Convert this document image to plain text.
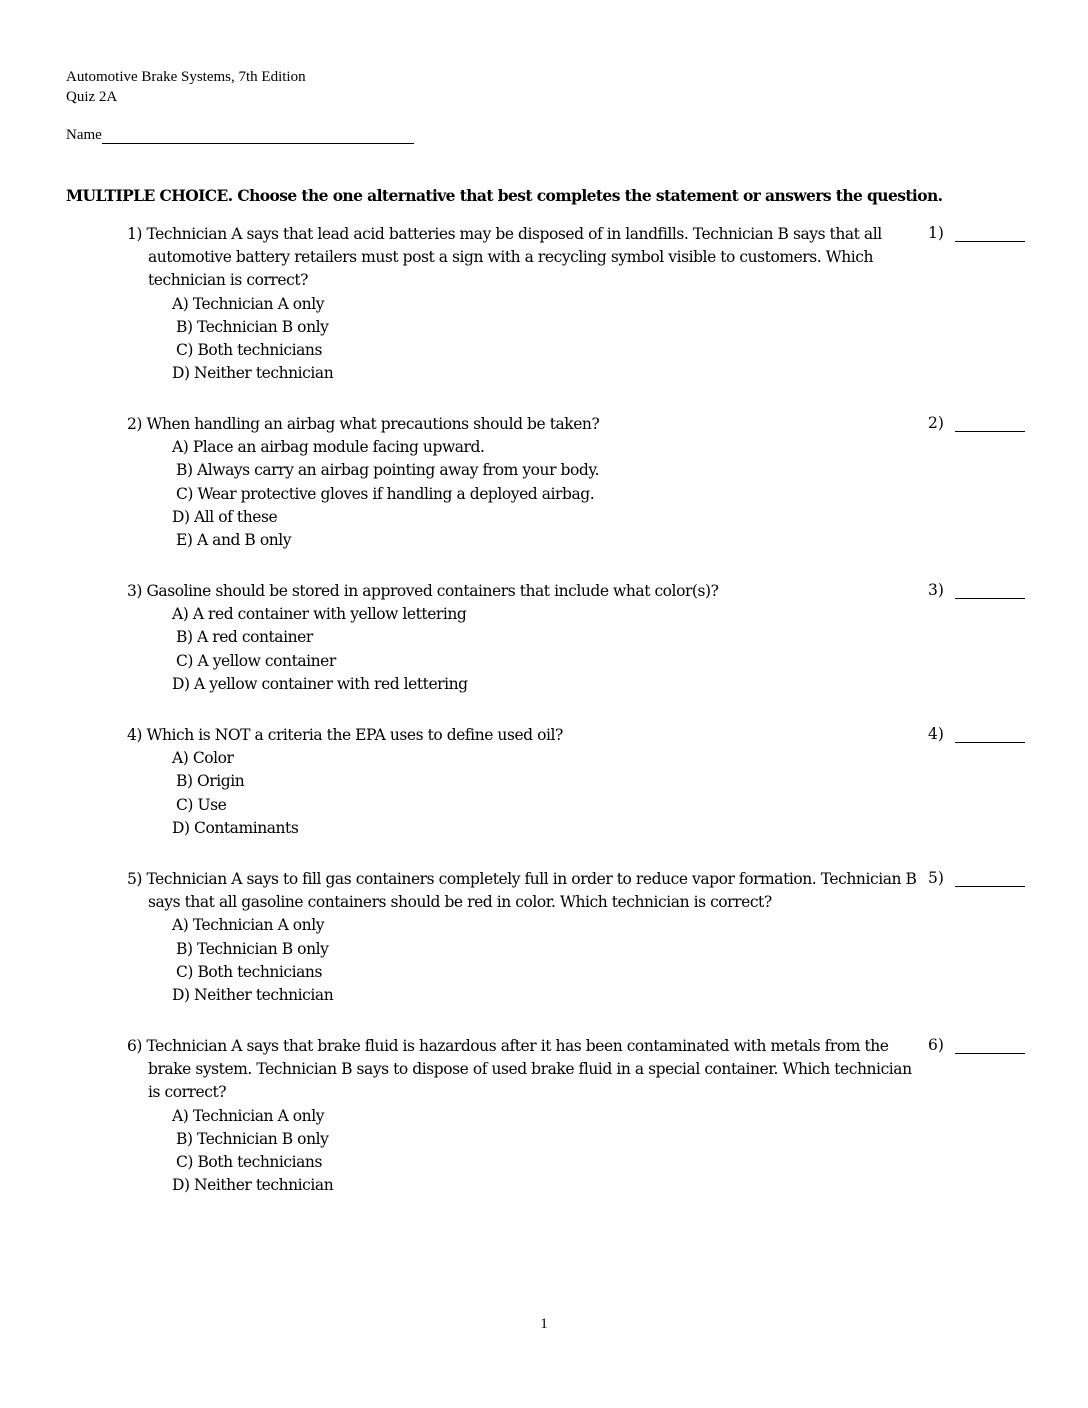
Automotive Brake Systems, 7th Edition
Quiz 2A
Name
MULTIPLE CHOICE. Choose the one alternative that best completes the statement or answers the question.
1) Technician A says that lead acid batteries may be disposed of in landfills. Technician B says that all automotive battery retailers must post a sign with a recycling symbol visible to customers. Which technician is correct?
A) Technician A only
B) Technician B only
C) Both technicians
D) Neither technician
1)
2) When handling an airbag what precautions should be taken?
A) Place an airbag module facing upward.
B) Always carry an airbag pointing away from your body.
C) Wear protective gloves if handling a deployed airbag.
D) All of these
E) A and B only
2)
3) Gasoline should be stored in approved containers that include what color(s)?
A) A red container with yellow lettering
B) A red container
C) A yellow container
D) A yellow container with red lettering
3)
4) Which is NOT a criteria the EPA uses to define used oil?
A) Color
B) Origin
C) Use
D) Contaminants
4)
5) Technician A says to fill gas containers completely full in order to reduce vapor formation. Technician B says that all gasoline containers should be red in color. Which technician is correct?
A) Technician A only
B) Technician B only
C) Both technicians
D) Neither technician
5)
6) Technician A says that brake fluid is hazardous after it has been contaminated with metals from the brake system. Technician B says to dispose of used brake fluid in a special container. Which technician is correct?
A) Technician A only
B) Technician B only
C) Both technicians
D) Neither technician
6)
1
